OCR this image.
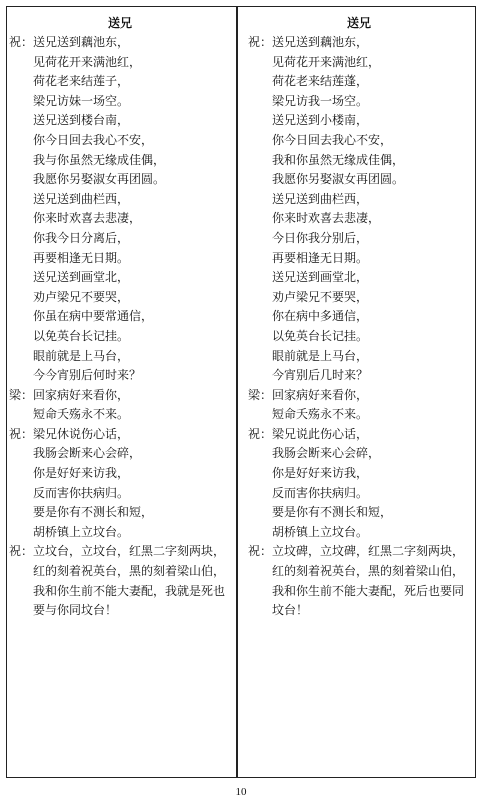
送兄
祝： 送兄送到藕池东，
见荷花开来满池红，
荷花老来结莲子，
梁兄访妹一场空。
送兄送到楼台南，
你今日回去我心不安，
我与你虽然无缘成佳偶，
我愿你另娶淑女再团圆。
送兄送到曲栏西，
你来时欢喜去悲凄，
你我今日分离后，
再要相逢无日期。
送兄送到画堂北，
劝卢梁兄不要哭，
你虽在病中要常通信，
以免英台长记挂。
眼前就是上马台，
今今宵别后何时来？
梁： 回家病好来看你，
短命夭殇永不来。
祝： 梁兄休说伤心话，
我肠会断来心会碎，
你是好好来访我，
反而害你扶病归。
要是你有不测长和短，
胡桥镇上立坟台。
祝： 立坟台，立坟台，红黑二字刻两块，
红的刻着祝英台，黑的刻着梁山伯，
我和你生前不能大妻配，我就是死也
要与你同坟台！
送兄
祝： 送兄送到藕池东，
见荷花开来满池红，
荷花老来结莲蓬，
梁兄访我一场空。
送兄送到小楼南，
你今日回去我心不安，
我和你虽然无缘成佳偶，
我愿你另娶淑女再团圆。
送兄送到曲栏西，
你来时欢喜去悲凄，
今日你我分别后，
再要相逢无日期。
送兄送到画堂北，
劝卢梁兄不要哭，
你在病中多通信，
以免英台长记挂。
眼前就是上马台，
今宵别后几时来？
梁： 回家病好来看你，
短命夭殇永不来。
祝： 梁兄说此伤心话，
我肠会断来心会碎，
你是好好来访我，
反而害你扶病归。
要是你有不测长和短，
胡桥镇上立坟台。
祝： 立坟碑，立坟碑，红黑二字刻两块，
红的刻着祝英台，黑的刻着梁山伯，
我和你生前不能大妻配，死后也要同
坟台！
10
